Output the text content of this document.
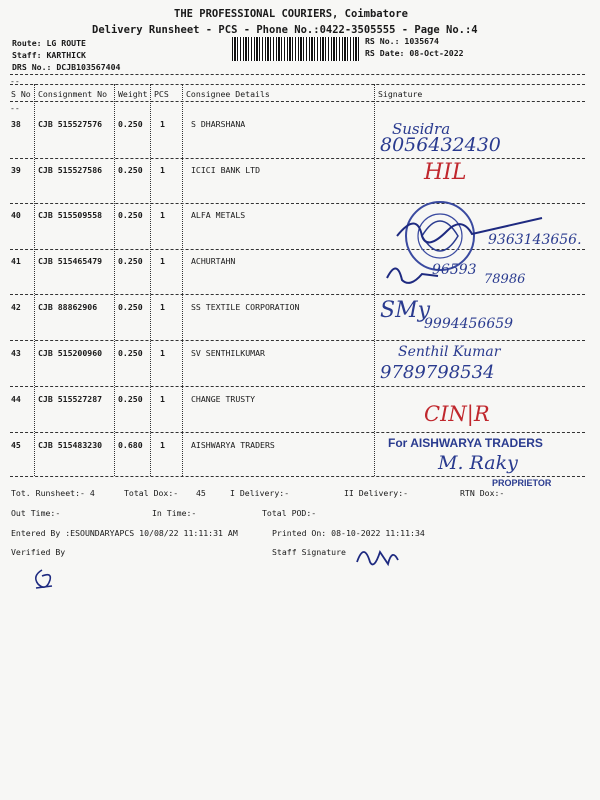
THE PROFESSIONAL COURIERS, Coimbatore
Delivery Runsheet - PCS - Phone No.:0422-3505555 - Page No.:4
Route: LG ROUTE
Staff: KARTHICK
DRS No.: DCJB103567404
RS No.: 1035674
RS Date: 08-Oct-2022
--
S No Consignment No Weight PCS Consignee Details	Signature
--
38 CJB 515527576 0.250 1	S DHARSHANA
39 CJB 515527586 0.250 1	ICICI BANK LTD
40 CJB 515509558 0.250 1	ALFA METALS
41 CJB 515465479 0.250 1	ACHURTAHN
42 CJB 88862906	0.250 1	SS TEXTILE CORPORATION
43 CJB 515200960 0.250 1	SV SENTHILKUMAR
44 CJB 515527287 0.250 1	CHANGE TRUSTY
45 CJB 515483230 0.680 1	AISHWARYA TRADERS
Susidra
8056432430
HIL
9363143656.
96593
78986
SMy
9994456659
Senthil Kumar
9789798534
CIN|R
For AISHWARYA TRADERS
M. Raky
PROPRIETOR
Tot. Runsheet:- 4	Total Dox:- 45	I Delivery:-	II Delivery:-	RTN Dox:-
Out Time:-	In Time:-	Total POD:-
Entered By :ESOUNDARYAPCS 10/08/22 11:11:31 AM	Printed On: 08-10-2022 11:11:34
Verified By	Staff Signature
